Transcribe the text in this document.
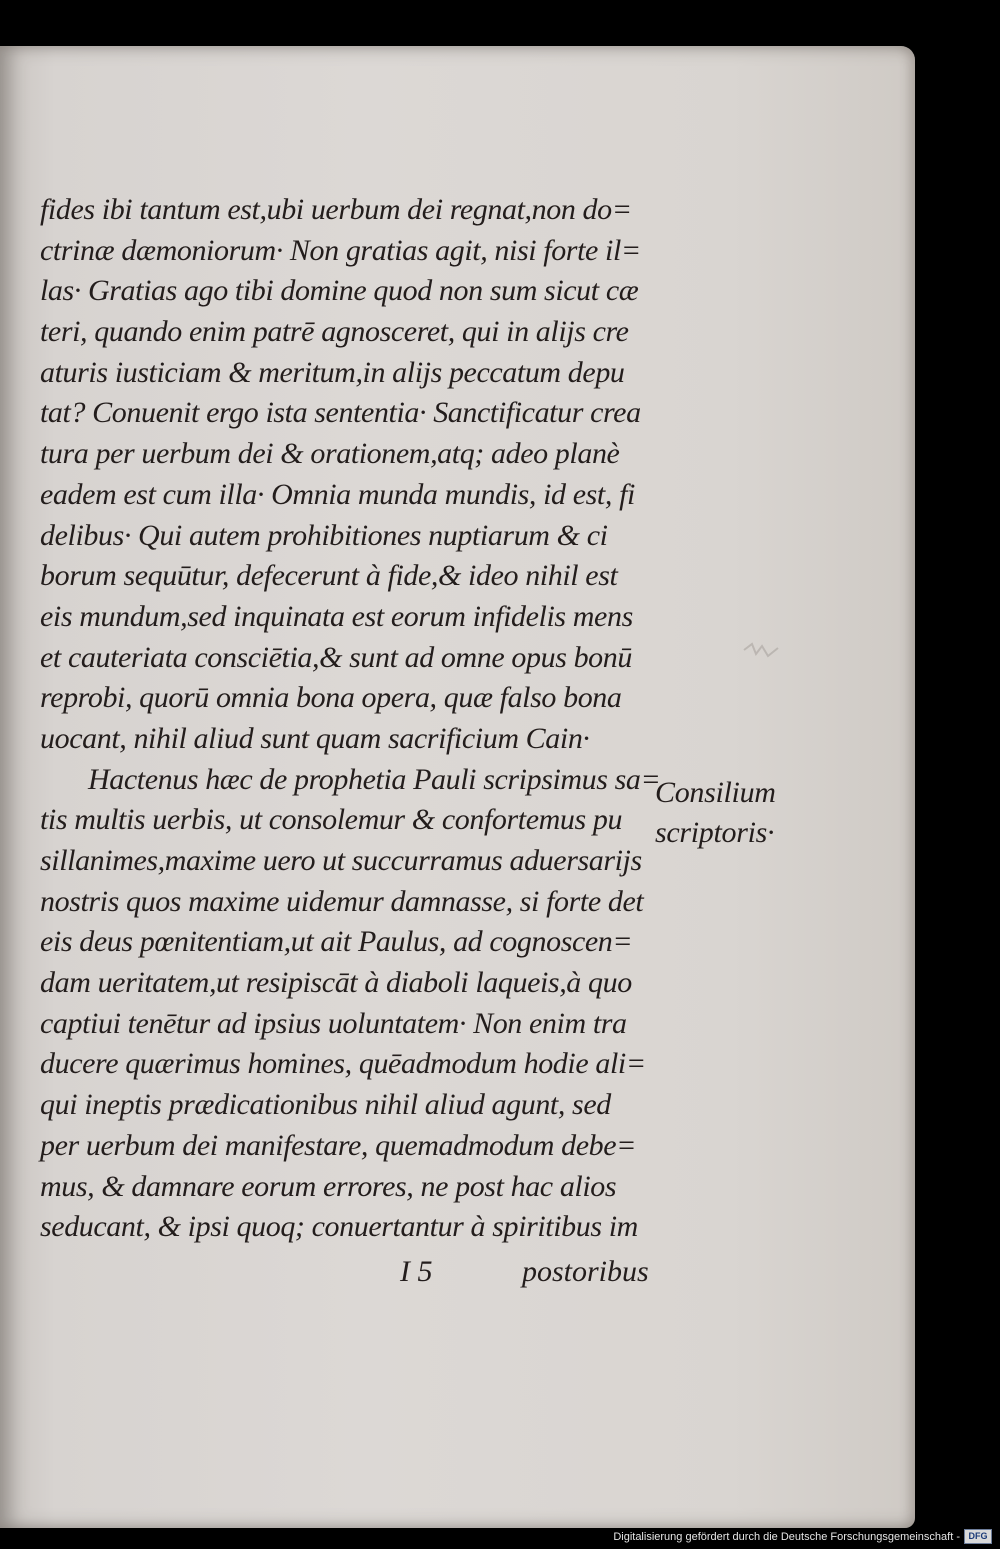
fides ibi tantum est,ubi uerbum dei regnat,non do=
ctrinæ dæmoniorum· Non gratias agit, nisi forte il=
las· Gratias ago tibi domine quod non sum sicut cæ
teri, quando enim patrē agnosceret, qui in alijs cre
aturis iusticiam & meritum,in alijs peccatum depu
tat? Conuenit ergo ista sententia· Sanctificatur crea
tura per uerbum dei & orationem,atq; adeo planè
eadem est cum illa· Omnia munda mundis, id est, fi
delibus· Qui autem prohibitiones nuptiarum & ci
borum sequūtur, defecerunt à fide,& ideo nihil est
eis mundum,sed inquinata est eorum infidelis mens
et cauteriata consciētia,& sunt ad omne opus bonū
reprobi, quorū omnia bona opera, quæ falso bona
uocant, nihil aliud sunt quam sacrificium Cain·
Hactenus hæc de prophetia Pauli scripsimus sa=
tis multis uerbis, ut consolemur & confortemus pu
sillanimes,maxime uero ut succurramus aduersarijs
nostris quos maxime uidemur damnasse, si forte det
eis deus pœnitentiam,ut ait Paulus, ad cognoscen=
dam ueritatem,ut resipiscāt à diaboli laqueis,à quo
captiui tenētur ad ipsius uoluntatem· Non enim tra
ducere quærimus homines, quēadmodum hodie ali=
qui ineptis prædicationibus nihil aliud agunt, sed
per uerbum dei manifestare, quemadmodum debe=
mus, & damnare eorum errores, ne post hac alios
seducant, & ipsi quoq; conuertantur à spiritibus im
Consilium
scriptoris·
I 5	postoribus
Digitalisierung gefördert durch die Deutsche Forschungsgemeinschaft - DFG
